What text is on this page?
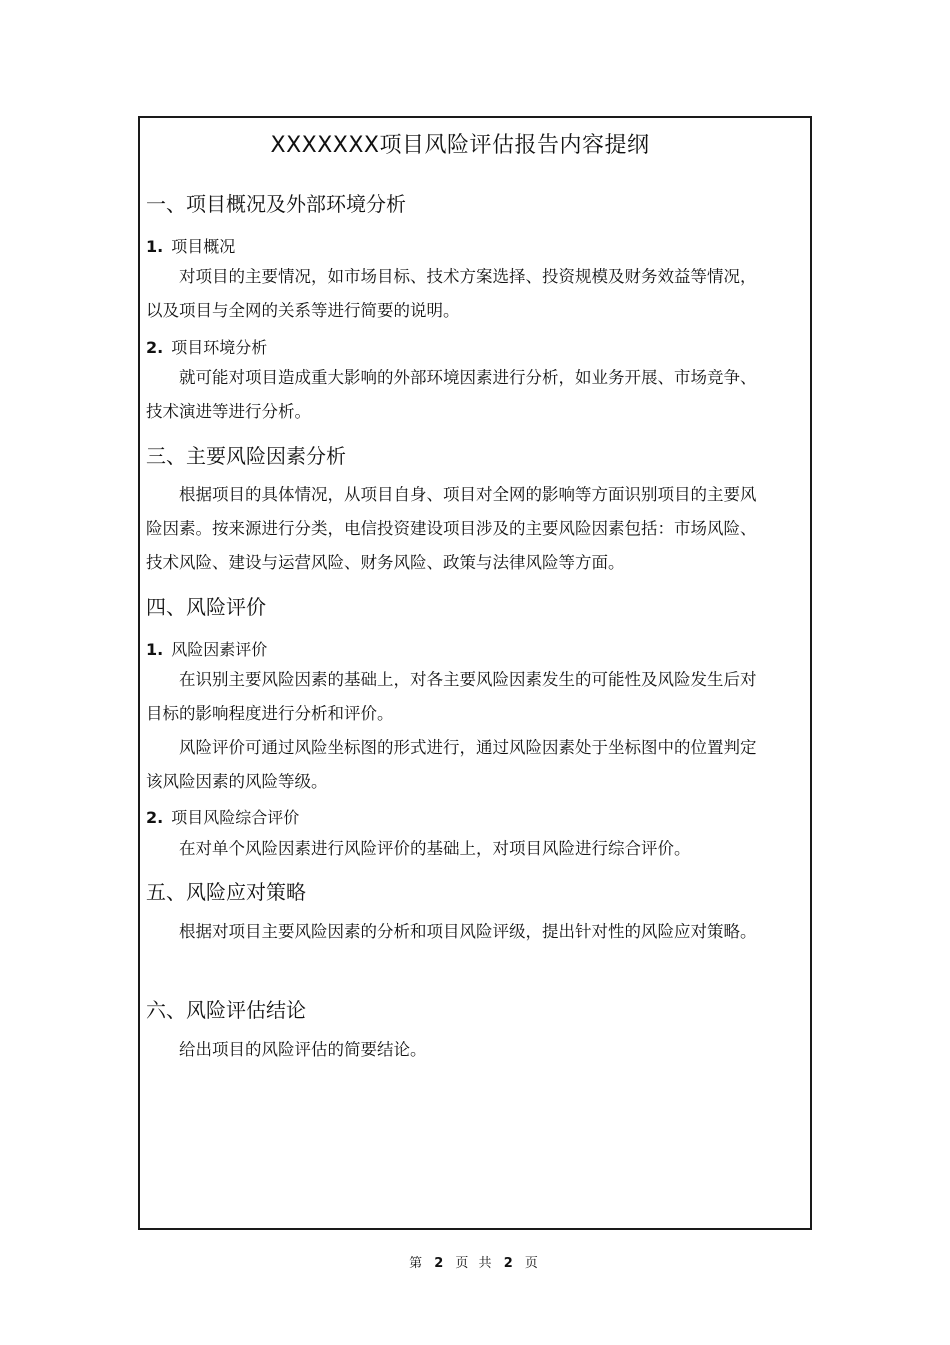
XXXXXXX项目风险评估报告内容提纲
一、项目概况及外部环境分析
1. 项目概况
对项目的主要情况，如市场目标、技术方案选择、投资规模及财务效益等情况，以及项目与全网的关系等进行简要的说明。
2. 项目环境分析
就可能对项目造成重大影响的外部环境因素进行分析，如业务开展、市场竞争、技术演进等进行分析。
三、主要风险因素分析
根据项目的具体情况，从项目自身、项目对全网的影响等方面识别项目的主要风险因素。按来源进行分类，电信投资建设项目涉及的主要风险因素包括：市场风险、技术风险、建设与运营风险、财务风险、政策与法律风险等方面。
四、风险评价
1. 风险因素评价
在识别主要风险因素的基础上，对各主要风险因素发生的可能性及风险发生后对目标的影响程度进行分析和评价。
风险评价可通过风险坐标图的形式进行，通过风险因素处于坐标图中的位置判定该风险因素的风险等级。
2. 项目风险综合评价
在对单个风险因素进行风险评价的基础上，对项目风险进行综合评价。
五、风险应对策略
根据对项目主要风险因素的分析和项目风险评级，提出针对性的风险应对策略。
六、风险评估结论
给出项目的风险评估的简要结论。
第 2 页 共 2 页
